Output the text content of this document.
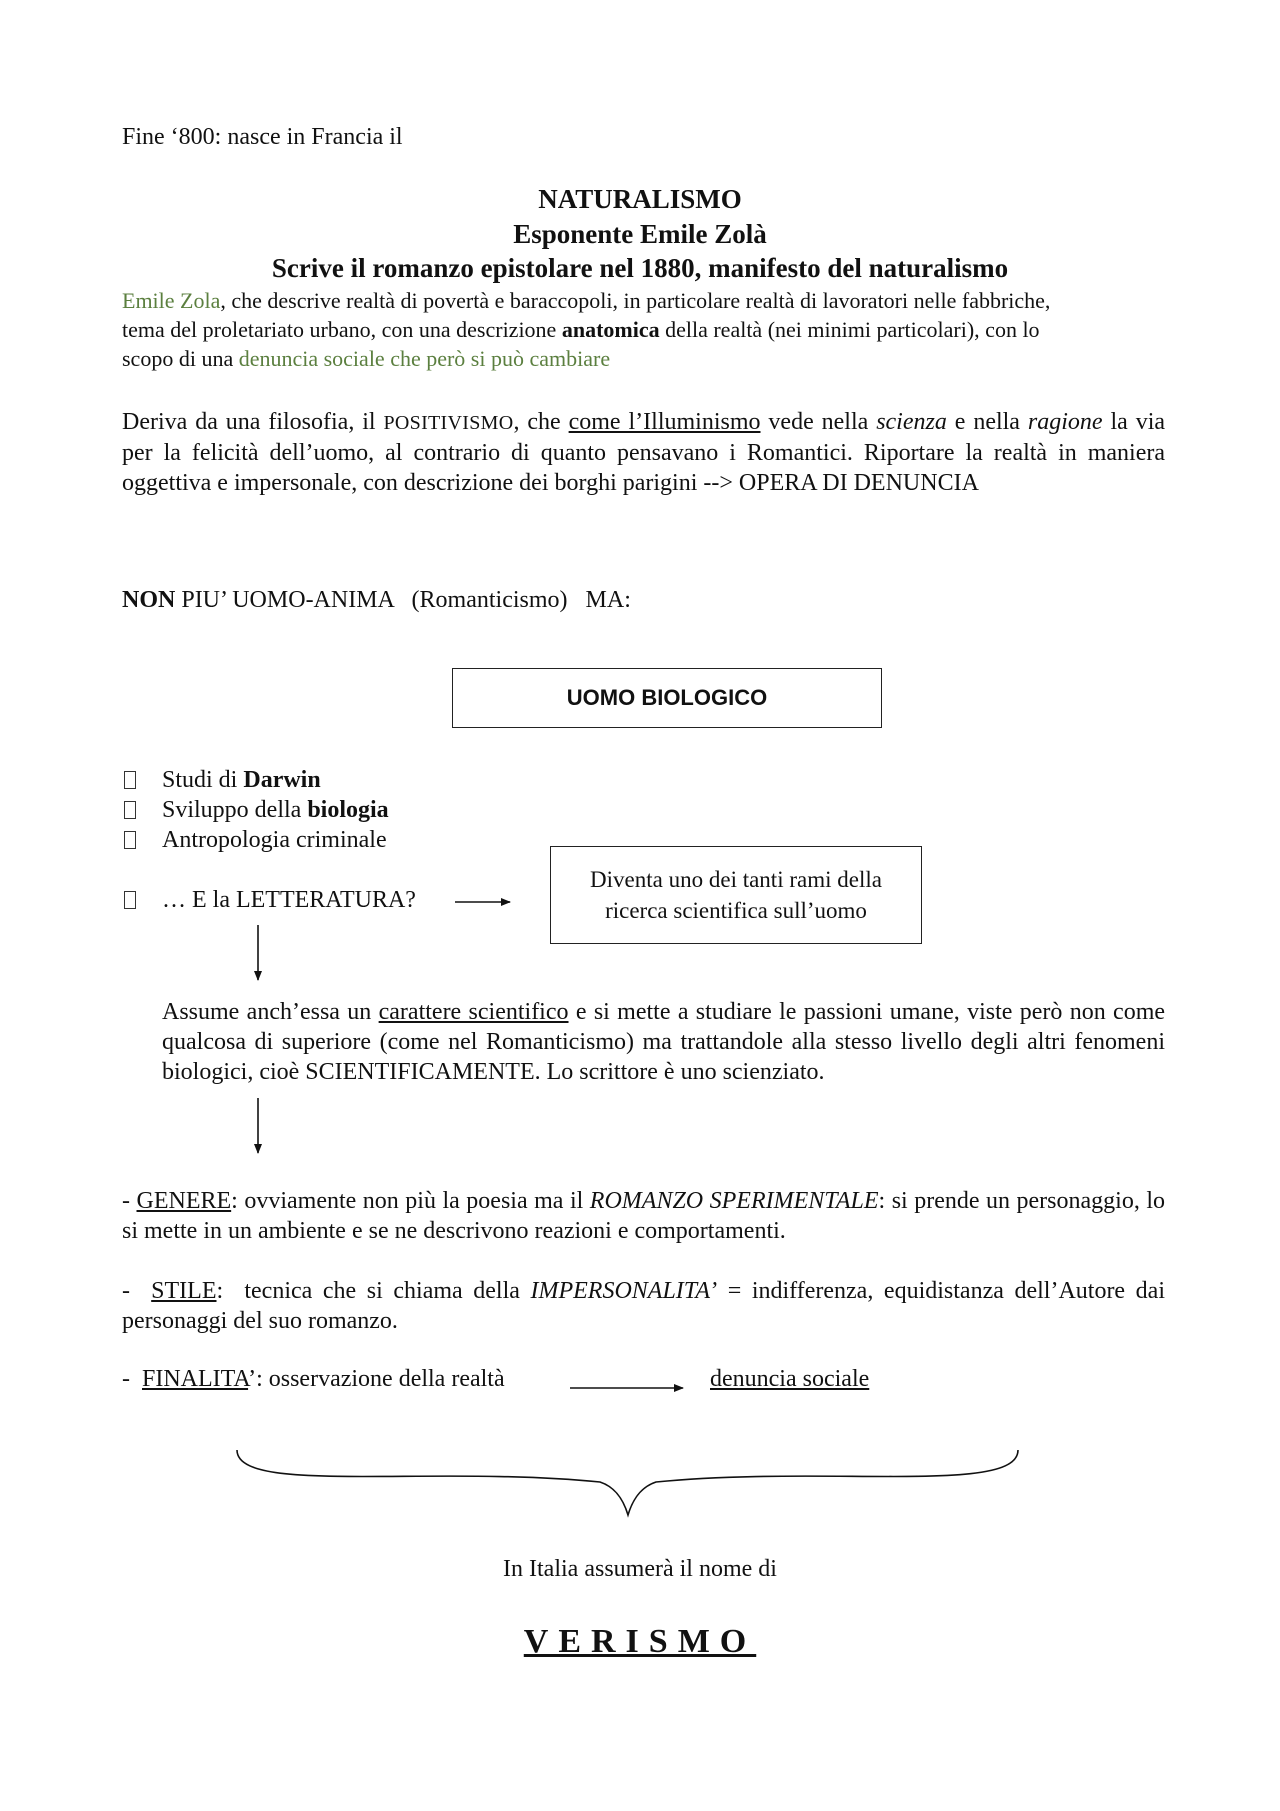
Fine ‘800: nasce in Francia il
NATURALISMO
Esponente Emile Zolà
Scrive il romanzo epistolare nel 1880, manifesto del naturalismo
Emile Zola, che descrive realtà di povertà e baraccopoli, in particolare realtà di lavoratori nelle fabbriche,
tema del proletariato urbano, con una descrizione anatomica della realtà (nei minimi particolari), con lo
scopo di una denuncia sociale che però si può cambiare
Deriva da una filosofia, il POSITIVISMO, che come l’Illuminismo vede nella scienza e nella ragione la via per la felicità dell’uomo, al contrario di quanto pensavano i Romantici. Riportare la realtà in maniera oggettiva e impersonale, con descrizione dei borghi parigini --> OPERA DI DENUNCIA
NON PIU’ UOMO-ANIMA   (Romanticismo)   MA:
UOMO BIOLOGICO
Studi di Darwin
Sviluppo della biologia
Antropologia criminale
… E la LETTERATURA?
Diventa uno dei tanti rami della
ricerca scientifica sull’uomo
Assume anch’essa un carattere scientifico e si mette a studiare le passioni umane, viste però non come qualcosa di superiore (come nel Romanticismo) ma trattandole alla stesso livello degli altri fenomeni biologici, cioè SCIENTIFICAMENTE. Lo scrittore è uno scienziato.
- GENERE: ovviamente non più la poesia ma il ROMANZO SPERIMENTALE: si prende un personaggio, lo si mette in un ambiente e se ne descrivono reazioni e comportamenti.
-  STILE:  tecnica che si chiama della IMPERSONALITA’ = indifferenza, equidistanza dell’Autore dai personaggi del suo romanzo.
-  FINALITA’: osservazione della realtà	denuncia sociale
In Italia assumerà il nome di
VERISMO
